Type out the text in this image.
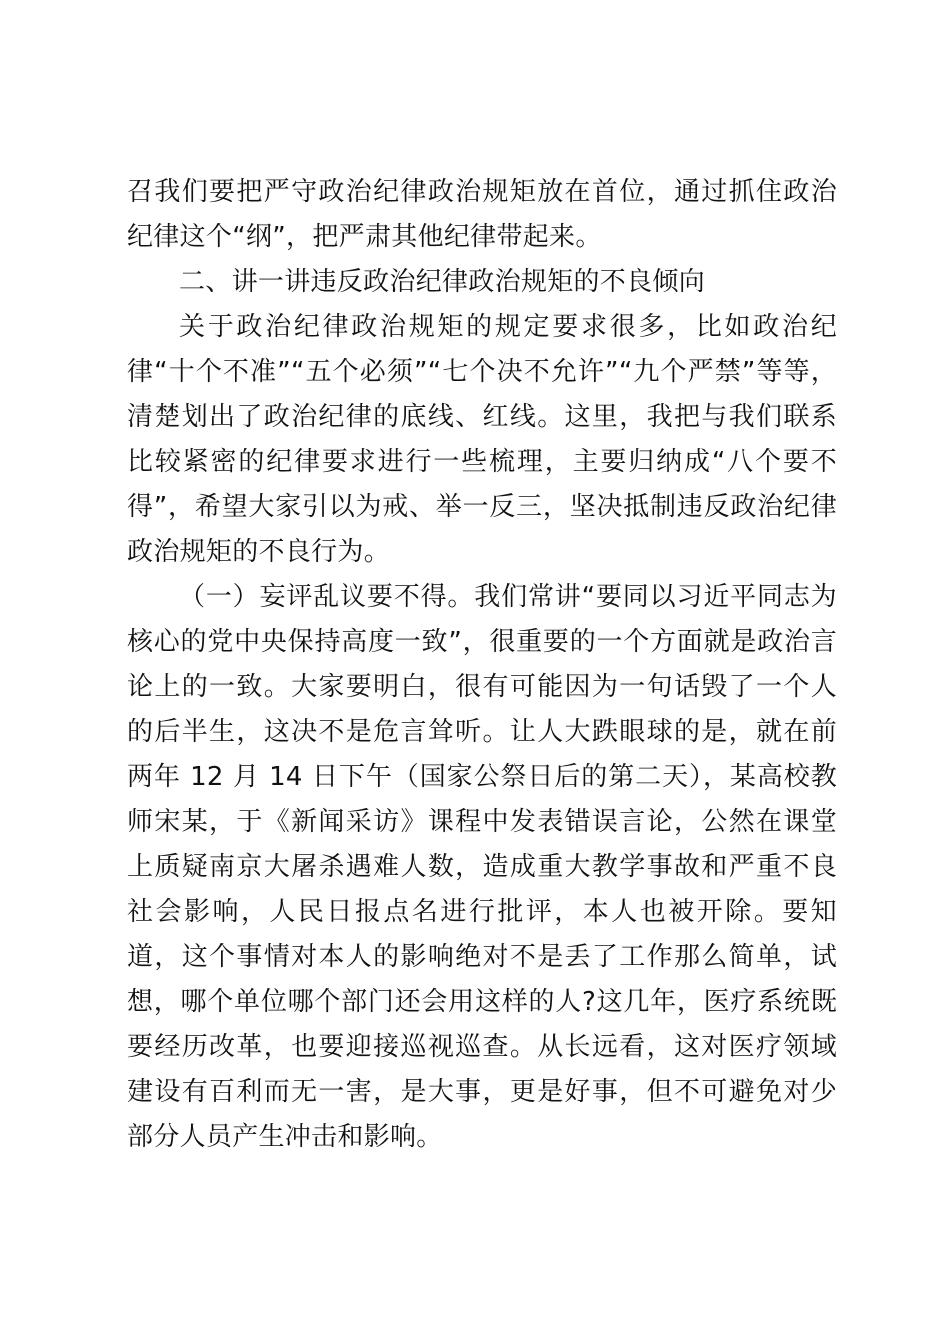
召我们要把严守政治纪律政治规矩放在首位，通过抓住政治纪律这个“纲”，把严肃其他纪律带起来。

二、讲一讲违反政治纪律政治规矩的不良倾向

关于政治纪律政治规矩的规定要求很多，比如政治纪律“十个不准”“五个必须”“七个决不允许”“九个严禁”等等，清楚划出了政治纪律的底线、红线。这里，我把与我们联系比较紧密的纪律要求进行一些梳理，主要归纳成“八个要不得”，希望大家引以为戒、举一反三，坚决抵制违反政治纪律政治规矩的不良行为。

（一）妄评乱议要不得。我们常讲“要同以习近平同志为核心的党中央保持高度一致”，很重要的一个方面就是政治言论上的一致。大家要明白，很有可能因为一句话毁了一个人的后半生，这决不是危言耸听。让人大跌眼球的是，就在前两年 12 月 14 日下午（国家公祭日后的第二天），某高校教师宋某，于《新闻采访》课程中发表错误言论，公然在课堂上质疑南京大屠杀遇难人数，造成重大教学事故和严重不良社会影响，人民日报点名进行批评，本人也被开除。要知道，这个事情对本人的影响绝对不是丢了工作那么简单，试想，哪个单位哪个部门还会用这样的人?这几年，医疗系统既要经历改革，也要迎接巡视巡查。从长远看，这对医疗领域建设有百利而无一害，是大事，更是好事，但不可避免对少部分人员产生冲击和影响。
